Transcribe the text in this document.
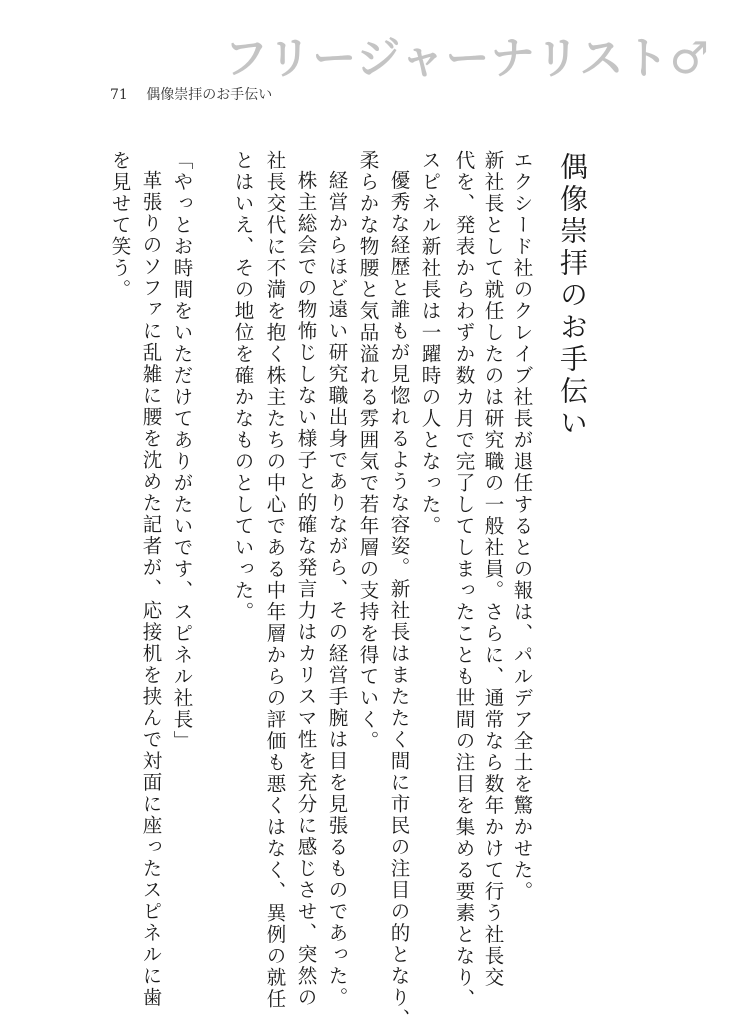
フリージャーナリスト♂
71 偶像崇拝のお手伝い
偶像崇拝のお手伝い
エクシード社のクレイブ社長が退任するとの報は、パルデア全土を驚かせた。
新社長として就任したのは研究職の一般社員。さらに、通常なら数年かけて行う社長交
代を、発表からわずか数カ月で完了してしまったことも世間の注目を集める要素となり、
スピネル新社長は一躍時の人となった。
優秀な経歴と誰もが見惚れるような容姿。新社長はまたたく間に市民の注目の的となり、
柔らかな物腰と気品溢れる雰囲気で若年層の支持を得ていく。
経営からほど遠い研究職出身でありながら、その経営手腕は目を見張るものであった。
株主総会での物怖じしない様子と的確な発言力はカリスマ性を充分に感じさせ、突然の
社長交代に不満を抱く株主たちの中心である中年層からの評価も悪くはなく、異例の就任
とはいえ、その地位を確かなものとしていった。
「やっとお時間をいただけてありがたいです、スピネル社長」
革張りのソファに乱雑に腰を沈めた記者が、応接机を挟んで対面に座ったスピネルに歯
を見せて笑う。
